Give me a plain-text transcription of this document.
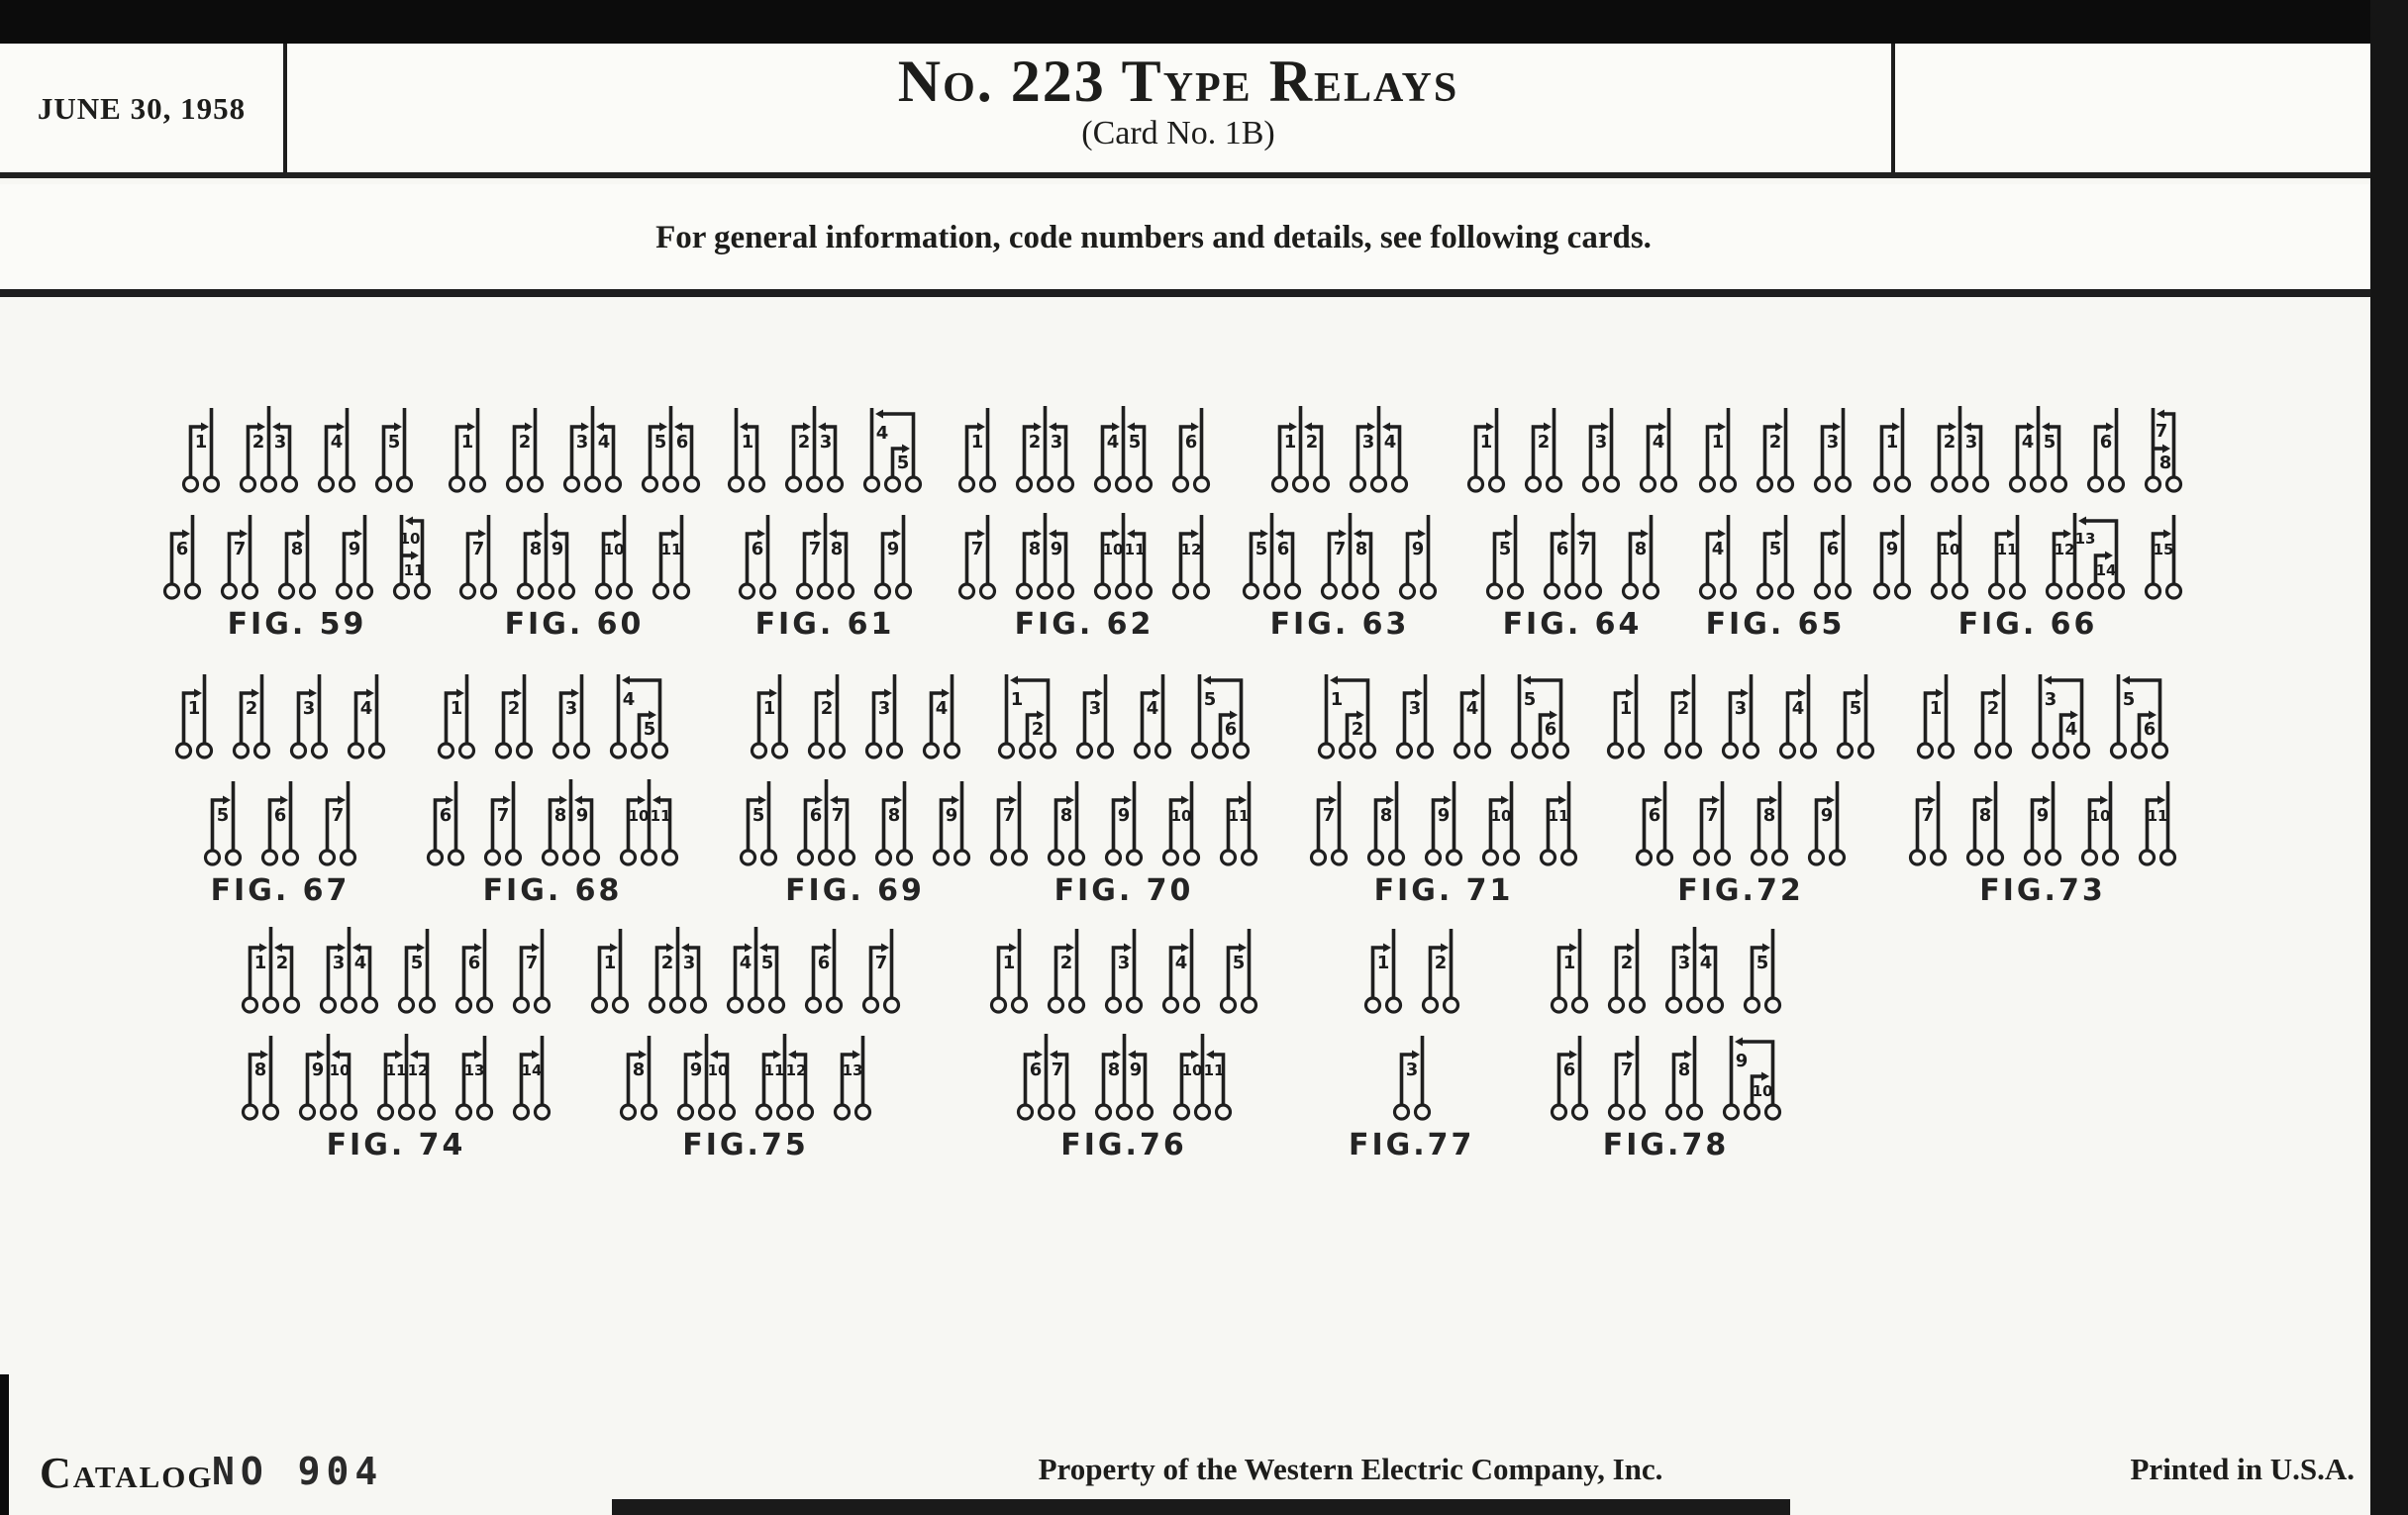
JUNE 30, 1958	No. 223 Type Relays
(Card No. 1B)
For general information, code numbers and details, see following cards.
1	2 3 4	5
6	7	8	9	10
11
FIG. 59
1	2	3 4 5 6
7	8 9	10 11
FIG. 60
1 2 3 4
5
6	7 8 9
FIG. 61
1	2 3 4 5 6
7	8 9	10 11 12
FIG. 62
1 2 3 4
5 6 7 8 9
FIG. 63
1	2	3	4
5	6 7 8
FIG. 64
1	2	3
4	5	6
FIG. 65
1	2 3 4 5 6
7
8
9	10 11 12
13
14
15
FIG. 66
1	2	3	4
5	6	7
FIG. 67
1	2	3	4
5
6	7	8 9	10 11
FIG. 68
1	2	3	4
5	6 7 8	9
FIG. 69
1
2
3	4	5
6
7	8	9	10 11
FIG. 70
1
2
3	4	5
6
7	8	9	10 11
FIG. 71
1	2	3	4	5
6	7	8	9
FIG.72
1	2	3
4
5
6
7	8	9	10 11
FIG.73
1 2 3 4 5	6	7
8	9 10 11 12 13 14
FIG. 74
1	2 3 4 5 6	7
8	9 10 11 12 13
FIG.75
1	2	3	4	5
6 7 8 9	10 11
FIG.76
1	2
3
FIG.77
1	2	3 4 5
6	7	8	9
10
FIG.78
Catalog
NO 904	Property of the Western Electric Company, Inc.	Printed in U.S.A.
